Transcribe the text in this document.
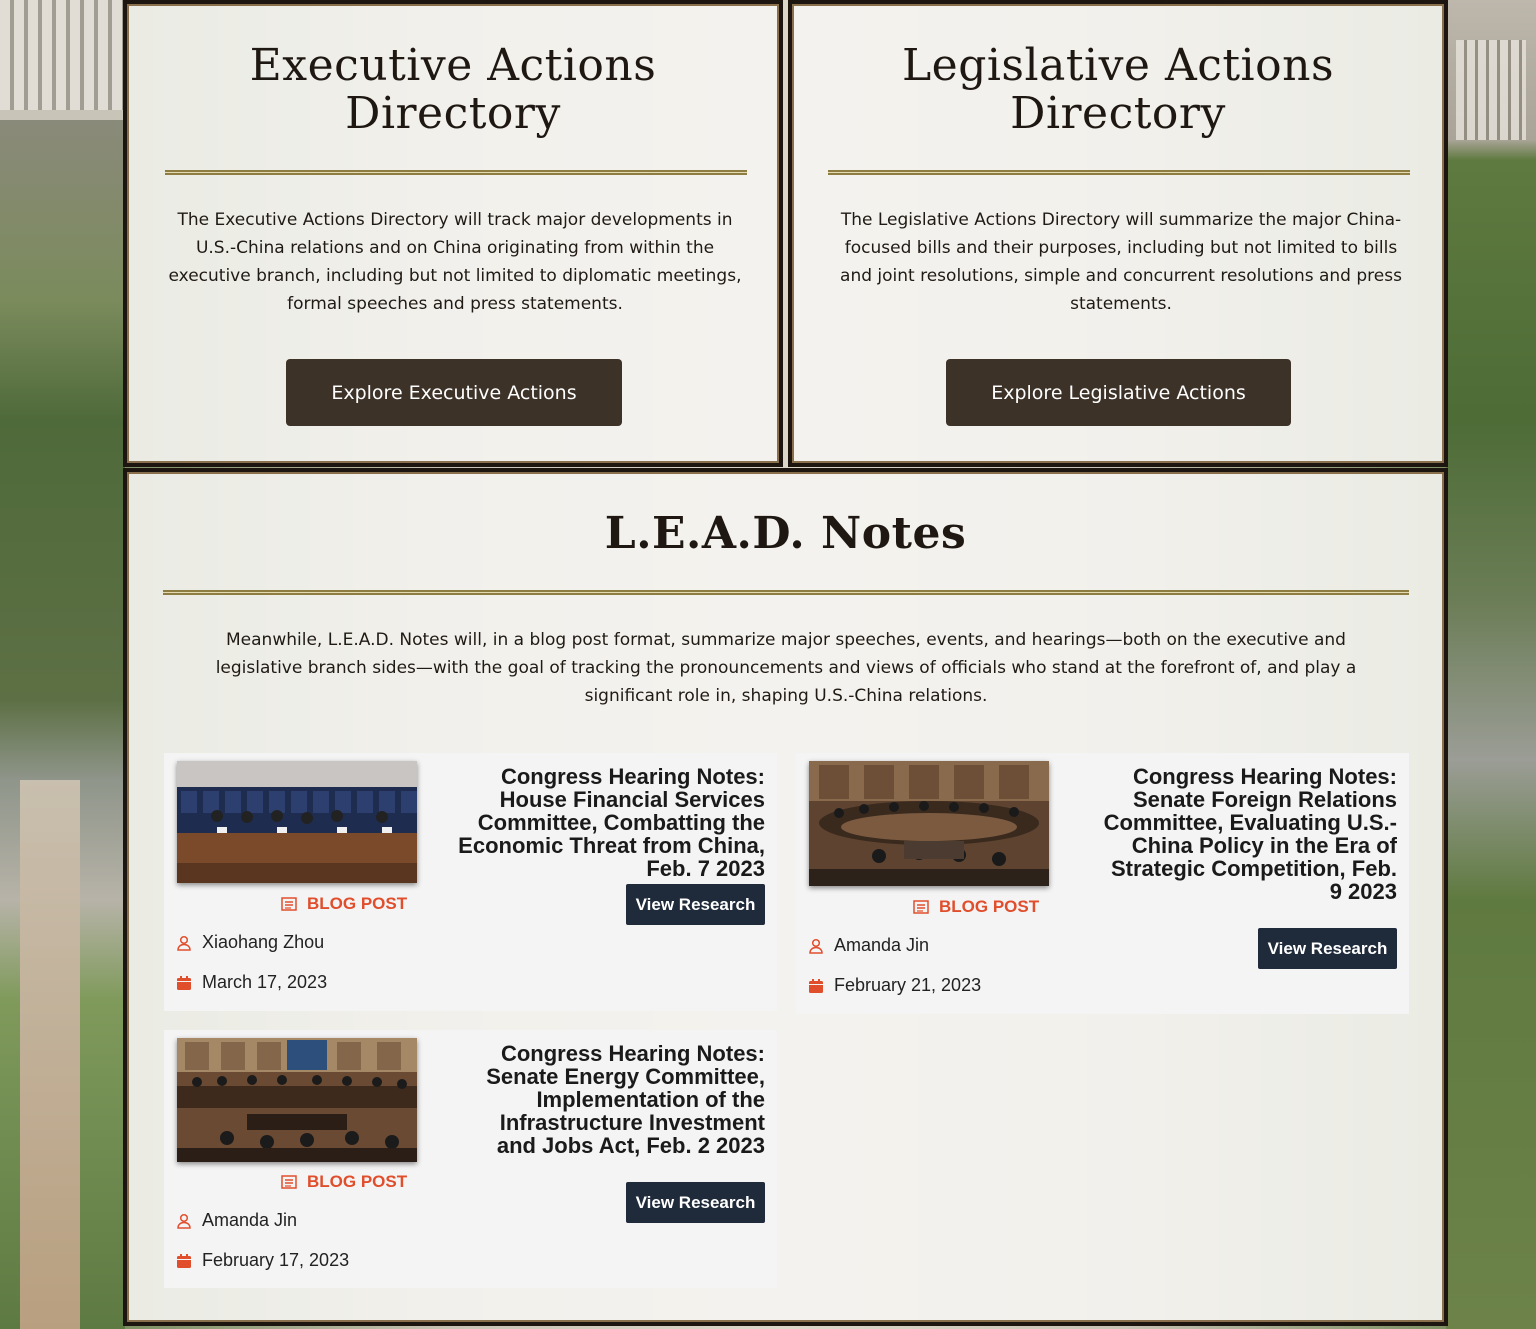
Executive Actions
Directory

The Executive Actions Directory will track major developments in U.S.-China relations and on China originating from within the executive branch, including but not limited to diplomatic meetings, formal speeches and press statements.

Explore Executive Actions
Legislative Actions
Directory

The Legislative Actions Directory will summarize the major China-focused bills and their purposes, including but not limited to bills and joint resolutions, simple and concurrent resolutions and press statements.

Explore Legislative Actions
L.E.A.D. Notes

Meanwhile, L.E.A.D. Notes will, in a blog post format, summarize major speeches, events, and hearings—both on the executive and legislative branch sides—with the goal of tracking the pronouncements and views of officials who stand at the forefront of, and play a significant role in, shaping U.S.-China relations.

Congress Hearing Notes: House Financial Services Committee, Combatting the Economic Threat from China, Feb. 7 2023
View Research
BLOG POST
Xiaohang Zhou
March 17, 2023
Congress Hearing Notes: Senate Foreign Relations Committee, Evaluating U.S.-China Policy in the Era of Strategic Competition, Feb. 9 2023
View Research
BLOG POST
Amanda Jin
February 21, 2023
Congress Hearing Notes: Senate Energy Committee, Implementation of the Infrastructure Investment and Jobs Act, Feb. 2 2023
View Research
BLOG POST
Amanda Jin
February 17, 2023
